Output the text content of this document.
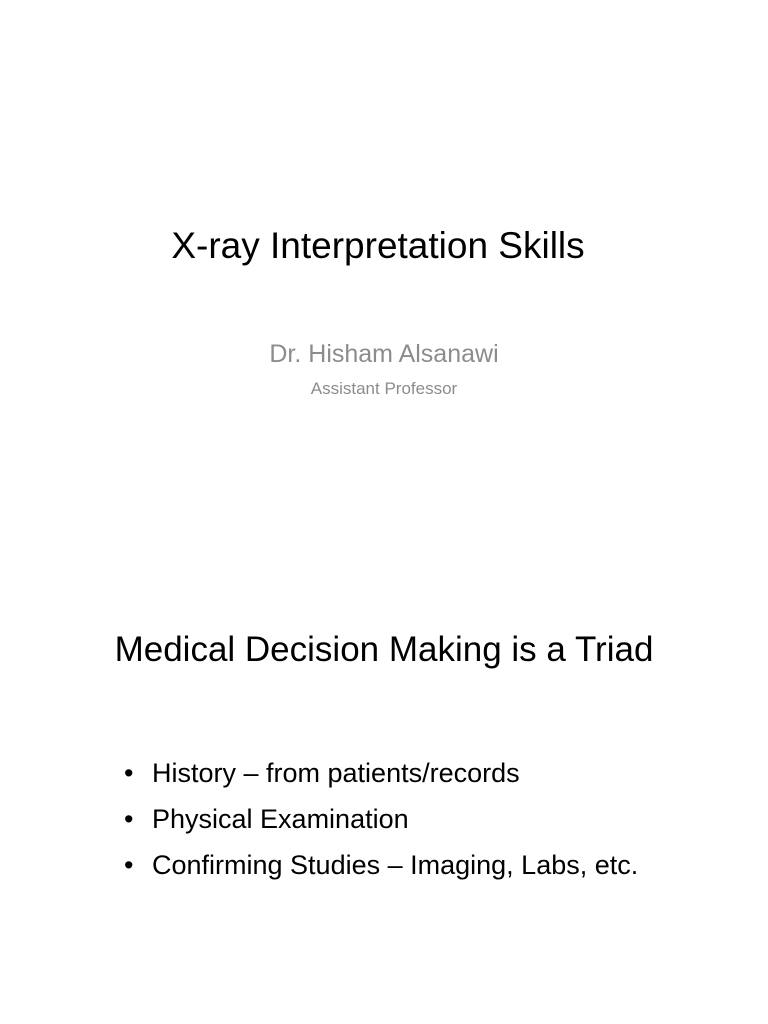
X-ray Interpretation Skills
Dr. Hisham Alsanawi
Assistant Professor
Medical Decision Making is a Triad
• History – from patients/records
• Physical Examination
• Confirming Studies – Imaging, Labs, etc.
